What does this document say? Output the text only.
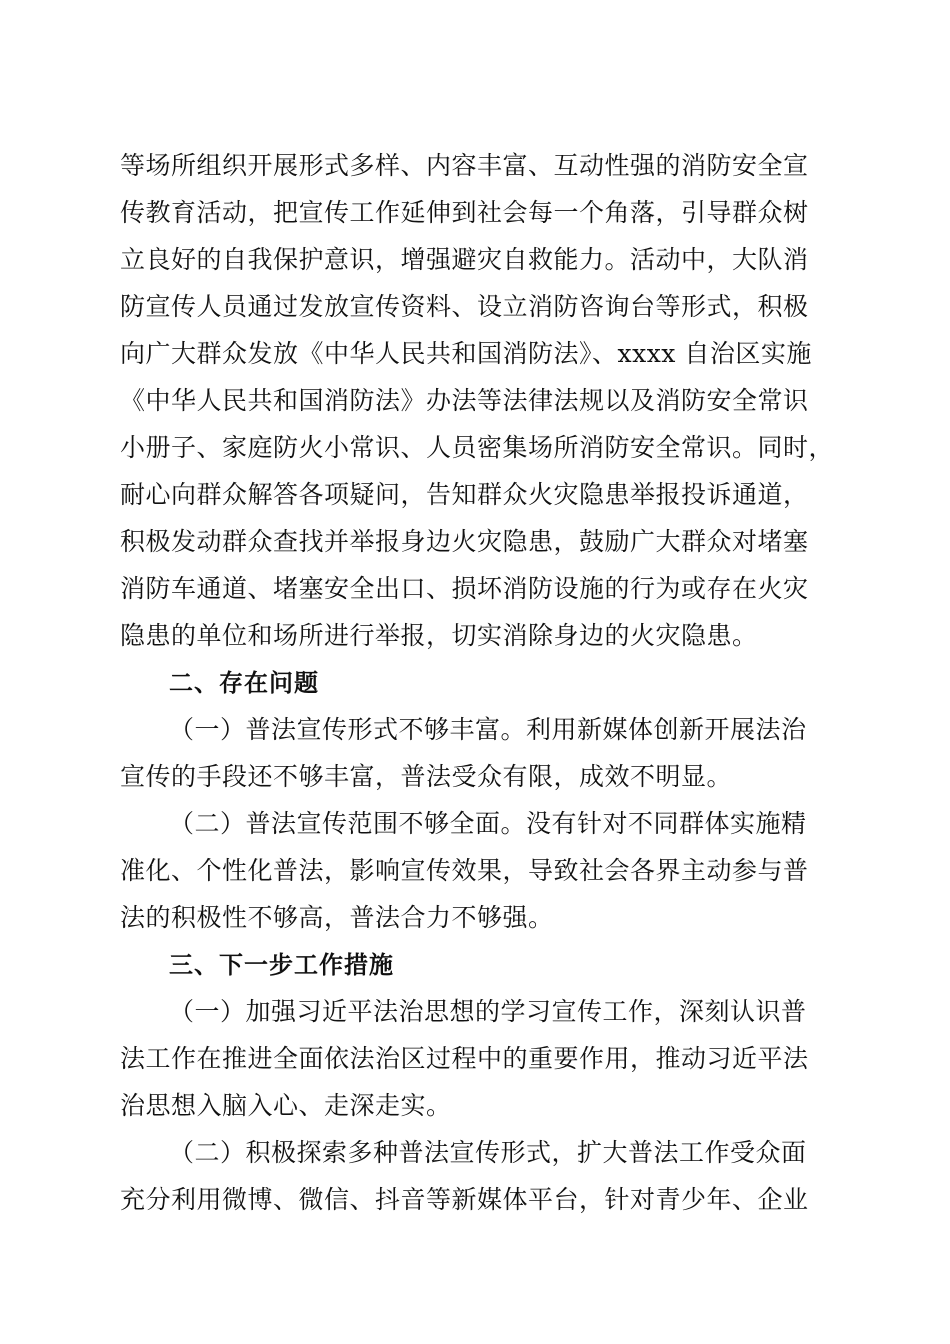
等场所组织开展形式多样、内容丰富、互动性强的消防安全宣
传教育活动，把宣传工作延伸到社会每一个角落，引导群众树
立良好的自我保护意识，增强避灾自救能力。活动中，大队消
防宣传人员通过发放宣传资料、设立消防咨询台等形式，积极
向广大群众发放《中华人民共和国消防法》、xxxx 自治区实施
《中华人民共和国消防法》办法等法律法规以及消防安全常识
小册子、家庭防火小常识、人员密集场所消防安全常识。同时，
耐心向群众解答各项疑问，告知群众火灾隐患举报投诉通道，
积极发动群众查找并举报身边火灾隐患，鼓励广大群众对堵塞
消防车通道、堵塞安全出口、损坏消防设施的行为或存在火灾
隐患的单位和场所进行举报，切实消除身边的火灾隐患。
二、存在问题
（一）普法宣传形式不够丰富。利用新媒体创新开展法治
宣传的手段还不够丰富，普法受众有限，成效不明显。
（二）普法宣传范围不够全面。没有针对不同群体实施精
准化、个性化普法，影响宣传效果，导致社会各界主动参与普
法的积极性不够高，普法合力不够强。
三、下一步工作措施
（一）加强习近平法治思想的学习宣传工作，深刻认识普
法工作在推进全面依法治区过程中的重要作用，推动习近平法
治思想入脑入心、走深走实。
（二）积极探索多种普法宣传形式，扩大普法工作受众面
充分利用微博、微信、抖音等新媒体平台，针对青少年、企业
